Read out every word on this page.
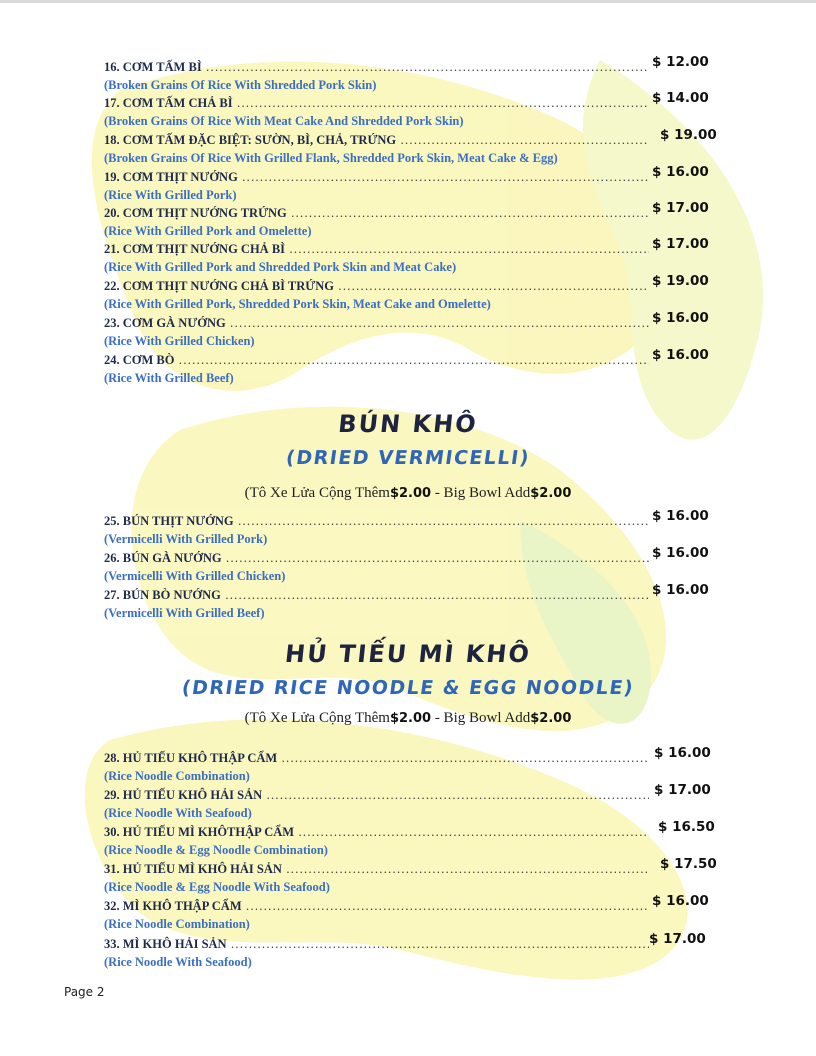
16. CƠM TẤM BÌ .....	$ 12.00
(Broken Grains Of Rice With Shredded Pork Skin)
17. CƠM TẤM CHẢ BÌ .....	$ 14.00
(Broken Grains Of Rice With Meat Cake And Shredded Pork Skin)
18. CƠM TẤM ĐẶC BIỆT: SƯỜN, BÌ, CHẢ, TRỨNG .....	$ 19.00
(Broken Grains Of Rice With Grilled Flank, Shredded Pork Skin, Meat Cake & Egg)
19. CƠM THỊT NƯỚNG .....	$ 16.00
(Rice With Grilled Pork)
20. CƠM THỊT NƯỚNG TRỨNG .....	$ 17.00
(Rice With Grilled Pork and Omelette)
21. CƠM THỊT NƯỚNG CHẢ BÌ .....	$ 17.00
(Rice With Grilled Pork and Shredded Pork Skin and Meat Cake)
22. CƠM THỊT NƯỚNG CHẢ BÌ TRỨNG .....	$ 19.00
(Rice With Grilled Pork, Shredded Pork Skin, Meat Cake and Omelette)
23. CƠM GÀ NƯỚNG .....	$ 16.00
(Rice With Grilled Chicken)
24. CƠM BÒ .....	$ 16.00
(Rice With Grilled Beef)
BÚN KHÔ
(DRIED VERMICELLI)
(Tô Xe Lửa Cộng Thêm$2.00 - Big Bowl Add$2.00
25. BÚN THỊT NƯỚNG .....	$ 16.00
(Vermicelli With Grilled Pork)
26. BÚN GÀ NƯỚNG .....	$ 16.00
(Vermicelli With Grilled Chicken)
27. BÚN BÒ NƯỚNG .....	$ 16.00
(Vermicelli With Grilled Beef)
HỦ TIẾU MÌ KHÔ
(DRIED RICE NOODLE & EGG NOODLE)
(Tô Xe Lửa Cộng Thêm$2.00 - Big Bowl Add$2.00
28. HỦ TIẾU KHÔ THẬP CẨM .....	$ 16.00
(Rice Noodle Combination)
29. HỦ TIẾU KHÔ HẢI SẢN .....	$ 17.00
(Rice Noodle With Seafood)
30. HỦ TIẾU MÌ KHÔTHẬP CẨM .....	$ 16.50
(Rice Noodle & Egg Noodle Combination)
31. HỦ TIẾU MÌ KHÔ HẢI SẢN .....	$ 17.50
(Rice Noodle & Egg Noodle With Seafood)
32. MÌ KHÔ THẬP CẨM .....	$ 16.00
(Rice Noodle Combination)
33. MÌ KHÔ HẢI SẢN .....	$ 17.00
(Rice Noodle With Seafood)
Page 2
